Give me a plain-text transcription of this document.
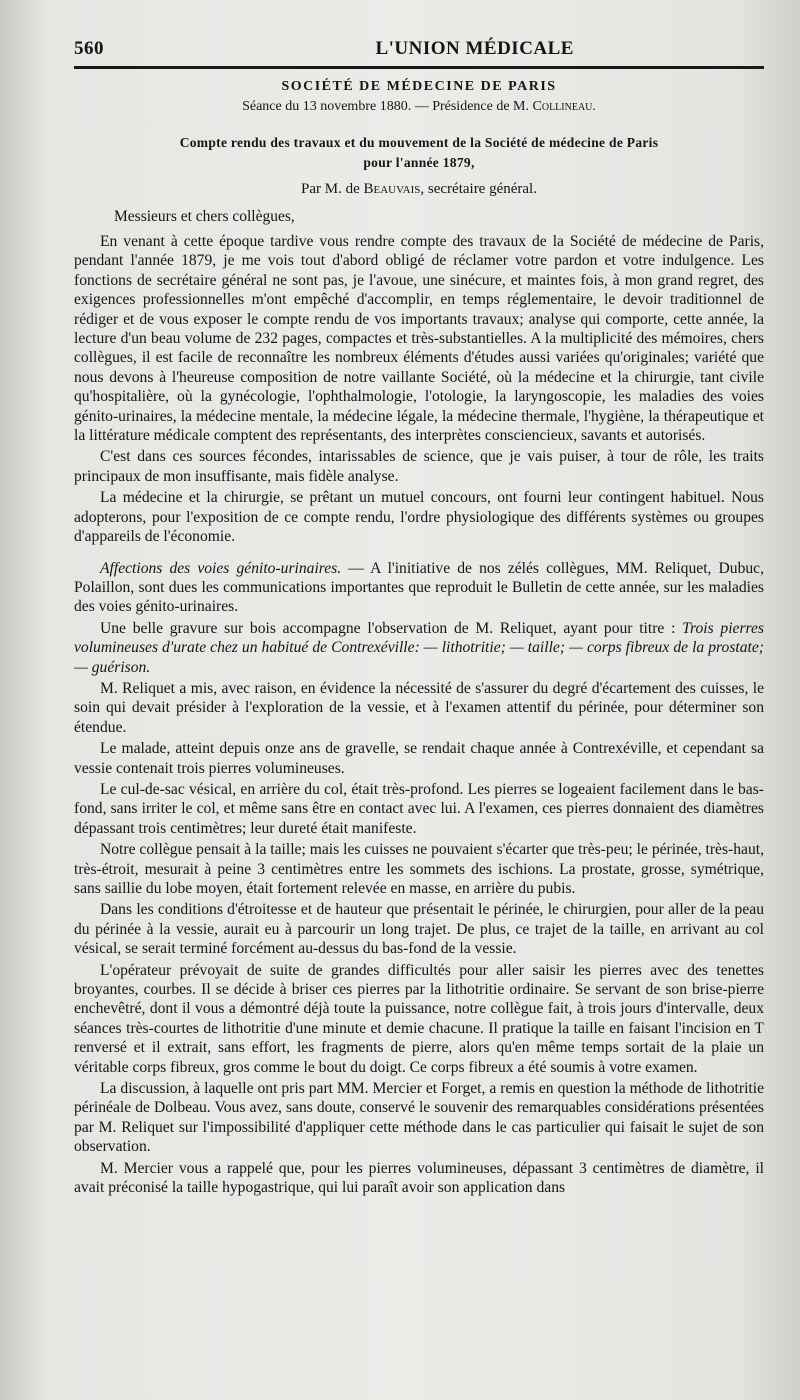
560	L'UNION MÉDICALE
SOCIÉTÉ DE MÉDECINE DE PARIS
Séance du 13 novembre 1880. — Présidence de M. Collineau.
Compte rendu des travaux et du mouvement de la Société de médecine de Paris
pour l'année 1879,
Par M. de Beauvais, secrétaire général.
Messieurs et chers collègues,

En venant à cette époque tardive vous rendre compte des travaux de la Société de médecine de Paris, pendant l'année 1879, je me vois tout d'abord obligé de réclamer votre pardon et votre indulgence. Les fonctions de secrétaire général ne sont pas, je l'avoue, une sinécure, et maintes fois, à mon grand regret, des exigences professionnelles m'ont empêché d'accomplir, en temps réglementaire, le devoir traditionnel de rédiger et de vous exposer le compte rendu de vos importants travaux; analyse qui comporte, cette année, la lecture d'un beau volume de 232 pages, compactes et très-substantielles. A la multiplicité des mémoires, chers collègues, il est facile de reconnaître les nombreux éléments d'études aussi variées qu'originales; variété que nous devons à l'heureuse composition de notre vaillante Société, où la médecine et la chirurgie, tant civile qu'hospitalière, où la gynécologie, l'ophthalmologie, l'otologie, la laryngoscopie, les maladies des voies génito-urinaires, la médecine mentale, la médecine légale, la médecine thermale, l'hygiène, la thérapeutique et la littérature médicale comptent des représentants, des interprètes consciencieux, savants et autorisés.

C'est dans ces sources fécondes, intarissables de science, que je vais puiser, à tour de rôle, les traits principaux de mon insuffisante, mais fidèle analyse.

La médecine et la chirurgie, se prêtant un mutuel concours, ont fourni leur contingent habituel. Nous adopterons, pour l'exposition de ce compte rendu, l'ordre physiologique des différents systèmes ou groupes d'appareils de l'économie.

Affections des voies génito-urinaires. — A l'initiative de nos zélés collègues, MM. Reliquet, Dubuc, Polaillon, sont dues les communications importantes que reproduit le Bulletin de cette année, sur les maladies des voies génito-urinaires.

Une belle gravure sur bois accompagne l'observation de M. Reliquet, ayant pour titre : Trois pierres volumineuses d'urate chez un habitué de Contrexéville: — lithotritie; — taille; — corps fibreux de la prostate; — guérison.

M. Reliquet a mis, avec raison, en évidence la nécessité de s'assurer du degré d'écartement des cuisses, le soin qui devait présider à l'exploration de la vessie, et à l'examen attentif du périnée, pour déterminer son étendue.

Le malade, atteint depuis onze ans de gravelle, se rendait chaque année à Contrexéville, et cependant sa vessie contenait trois pierres volumineuses.

Le cul-de-sac vésical, en arrière du col, était très-profond. Les pierres se logeaient facilement dans le bas-fond, sans irriter le col, et même sans être en contact avec lui. A l'examen, ces pierres donnaient des diamètres dépassant trois centimètres; leur dureté était manifeste.

Notre collègue pensait à la taille; mais les cuisses ne pouvaient s'écarter que très-peu; le périnée, très-haut, très-étroit, mesurait à peine 3 centimètres entre les sommets des ischions. La prostate, grosse, symétrique, sans saillie du lobe moyen, était fortement relevée en masse, en arrière du pubis.

Dans les conditions d'étroitesse et de hauteur que présentait le périnée, le chirurgien, pour aller de la peau du périnée à la vessie, aurait eu à parcourir un long trajet. De plus, ce trajet de la taille, en arrivant au col vésical, se serait terminé forcément au-dessus du bas-fond de la vessie.

L'opérateur prévoyait de suite de grandes difficultés pour aller saisir les pierres avec des tenettes broyantes, courbes. Il se décide à briser ces pierres par la lithotritie ordinaire. Se servant de son brise-pierre enchevêtré, dont il vous a démontré déjà toute la puissance, notre collègue fait, à trois jours d'intervalle, deux séances très-courtes de lithotritie d'une minute et demie chacune. Il pratique la taille en faisant l'incision en T renversé et il extrait, sans effort, les fragments de pierre, alors qu'en même temps sortait de la plaie un véritable corps fibreux, gros comme le bout du doigt. Ce corps fibreux a été soumis à votre examen.

La discussion, à laquelle ont pris part MM. Mercier et Forget, a remis en question la méthode de lithotritie périnéale de Dolbeau. Vous avez, sans doute, conservé le souvenir des remarquables considérations présentées par M. Reliquet sur l'impossibilité d'appliquer cette méthode dans le cas particulier qui faisait le sujet de son observation.

M. Mercier vous a rappelé que, pour les pierres volumineuses, dépassant 3 centimètres de diamètre, il avait préconisé la taille hypogastrique, qui lui paraît avoir son application dans
